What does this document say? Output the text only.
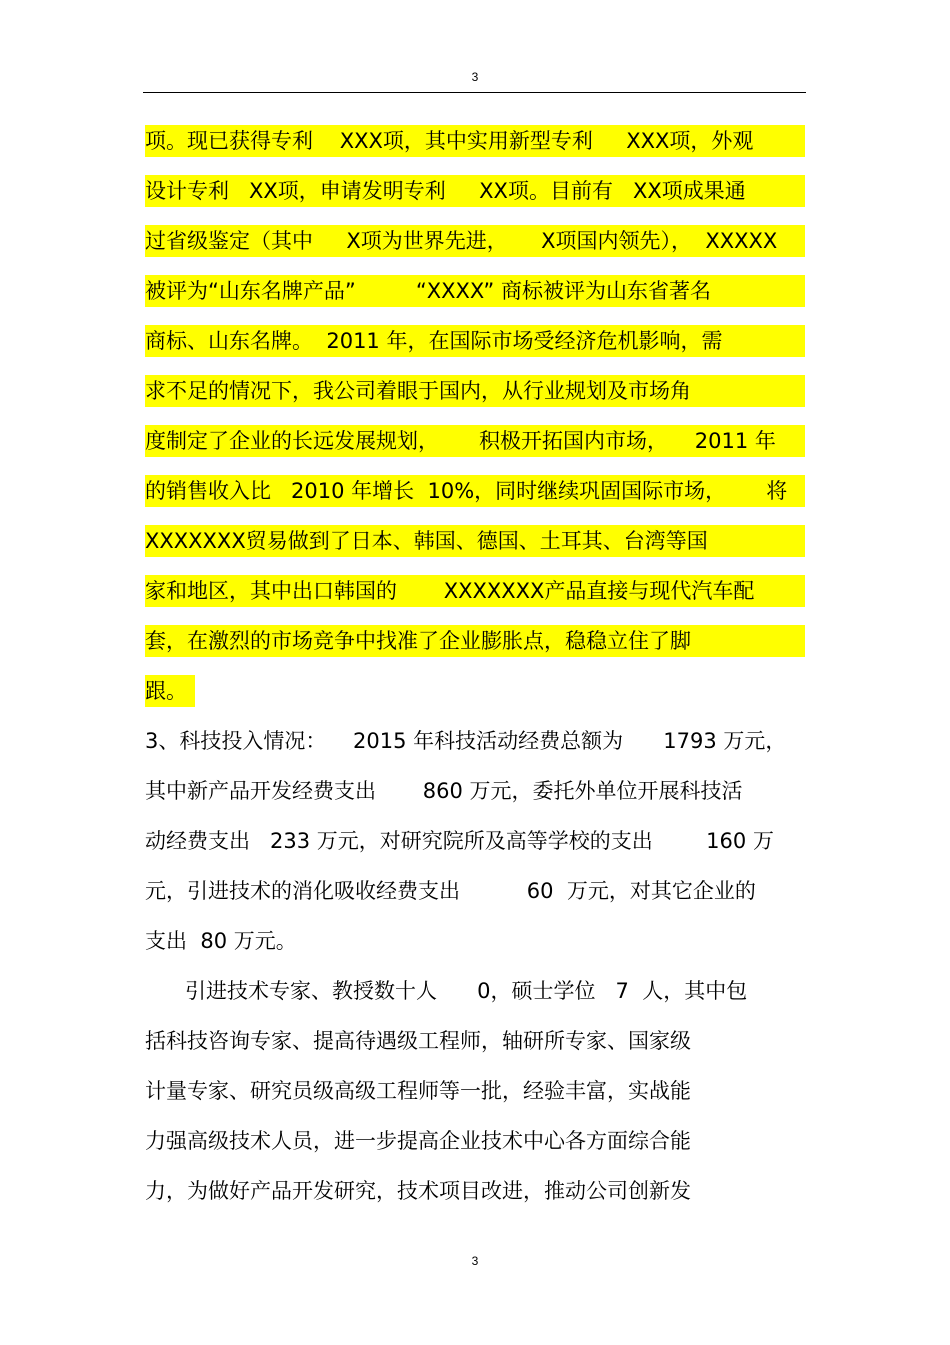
3
项。现已获得专利    XXX项，其中实用新型专利     XXX项，外观
设计专利   XX项，申请发明专利     XX项。目前有   XX项成果通
过省级鉴定（其中     X项为世界先进，     X项国内领先），  XXXXX
被评为“山东名牌产品”         “XXXX” 商标被评为山东省著名
商标、山东名牌。  2011 年，在国际市场受经济危机影响，需
求不足的情况下，我公司着眼于国内，从行业规划及市场角
度制定了企业的长远发展规划，      积极开拓国内市场，    2011 年
的销售收入比   2010 年增长  10%，同时继续巩固国际市场，      将
XXXXXXX贸易做到了日本、韩国、德国、土耳其、台湾等国
家和地区，其中出口韩国的       XXXXXXX产品直接与现代汽车配
套，在激烈的市场竞争中找准了企业膨胀点，稳稳立住了脚
跟。
3、科技投入情况：    2015 年科技活动经费总额为      1793 万元，
其中新产品开发经费支出       860 万元，委托外单位开展科技活
动经费支出   233 万元，对研究院所及高等学校的支出        160 万
元，引进技术的消化吸收经费支出          60  万元，对其它企业的
支出  80 万元。
引进技术专家、教授数十人      0，硕士学位   7  人，其中包
括科技咨询专家、提高待遇级工程师，轴研所专家、国家级
计量专家、研究员级高级工程师等一批，经验丰富，实战能
力强高级技术人员，进一步提高企业技术中心各方面综合能
力，为做好产品开发研究，技术项目改进，推动公司创新发
3
